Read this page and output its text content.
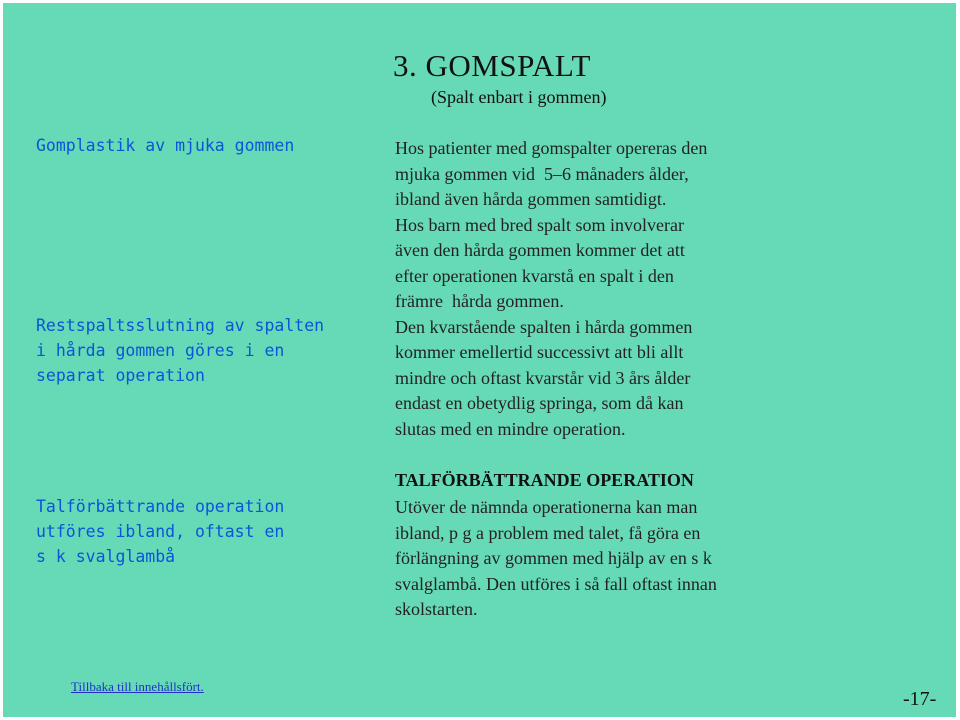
3. GOMSPALT
(Spalt enbart i gommen)
Gomplastik av mjuka gommen
Restspaltsslutning av spalten
i hårda gommen göres i en
separat operation
Talförbättrande operation
utföres ibland, oftast en
s k svalglambå

Hos patienter med gomspalter opereras den
mjuka gommen vid  5–6 månaders ålder,
ibland även hårda gommen samtidigt.
Hos barn med bred spalt som involverar
även den hårda gommen kommer det att
efter operationen kvarstå en spalt i den
främre  hårda gommen.
Den kvarstående spalten i hårda gommen
kommer emellertid successivt att bli allt
mindre och oftast kvarstår vid 3 års ålder
endast en obetydlig springa, som då kan
slutas med en mindre operation.

TALFÖRBÄTTRANDE OPERATION

Utöver de nämnda operationerna kan man
ibland, p g a problem med talet, få göra en
förlängning av gommen med hjälp av en s k
svalglambå. Den utföres i så fall oftast innan
skolstarten.

Tillbaka till innehållsfört.
-17-
